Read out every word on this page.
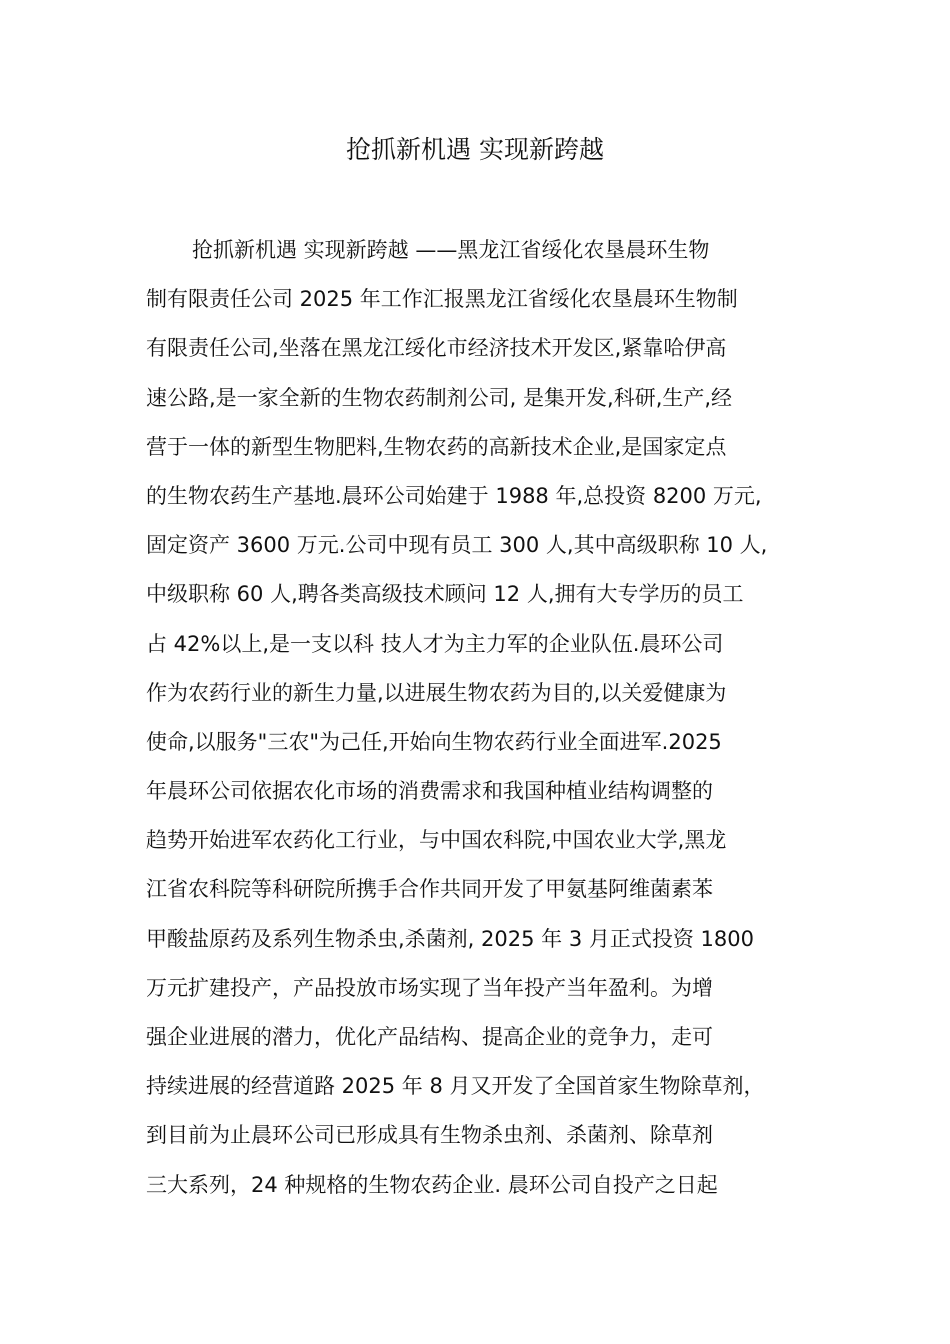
抢抓新机遇 实现新跨越
抢抓新机遇 实现新跨越 ——黑龙江省绥化农垦晨环生物
制有限责任公司 2025 年工作汇报黑龙江省绥化农垦晨环生物制
有限责任公司,坐落在黑龙江绥化市经济技术开发区,紧靠哈伊高
速公路,是一家全新的生物农药制剂公司, 是集开发,科研,生产,经
营于一体的新型生物肥料,生物农药的高新技术企业,是国家定点
的生物农药生产基地.晨环公司始建于 1988 年,总投资 8200 万元,
固定资产 3600 万元.公司中现有员工 300 人,其中高级职称 10 人,
中级职称 60 人,聘各类高级技术顾问 12 人,拥有大专学历的员工
占 42%以上,是一支以科 技人才为主力军的企业队伍.晨环公司
作为农药行业的新生力量,以进展生物农药为目的,以关爱健康为
使命,以服务"三农"为己任,开始向生物农药行业全面进军.2025
年晨环公司依据农化市场的消费需求和我国种植业结构调整的
趋势开始进军农药化工行业，与中国农科院,中国农业大学,黑龙
江省农科院等科研院所携手合作共同开发了甲氨基阿维菌素苯
甲酸盐原药及系列生物杀虫,杀菌剂, 2025 年 3 月正式投资 1800
万元扩建投产，产品投放市场实现了当年投产当年盈利。为增
强企业进展的潜力，优化产品结构、提高企业的竞争力，走可
持续进展的经营道路 2025 年 8 月又开发了全国首家生物除草剂，
到目前为止晨环公司已形成具有生物杀虫剂、杀菌剂、除草剂
三大系列，24 种规格的生物农药企业. 晨环公司自投产之日起
